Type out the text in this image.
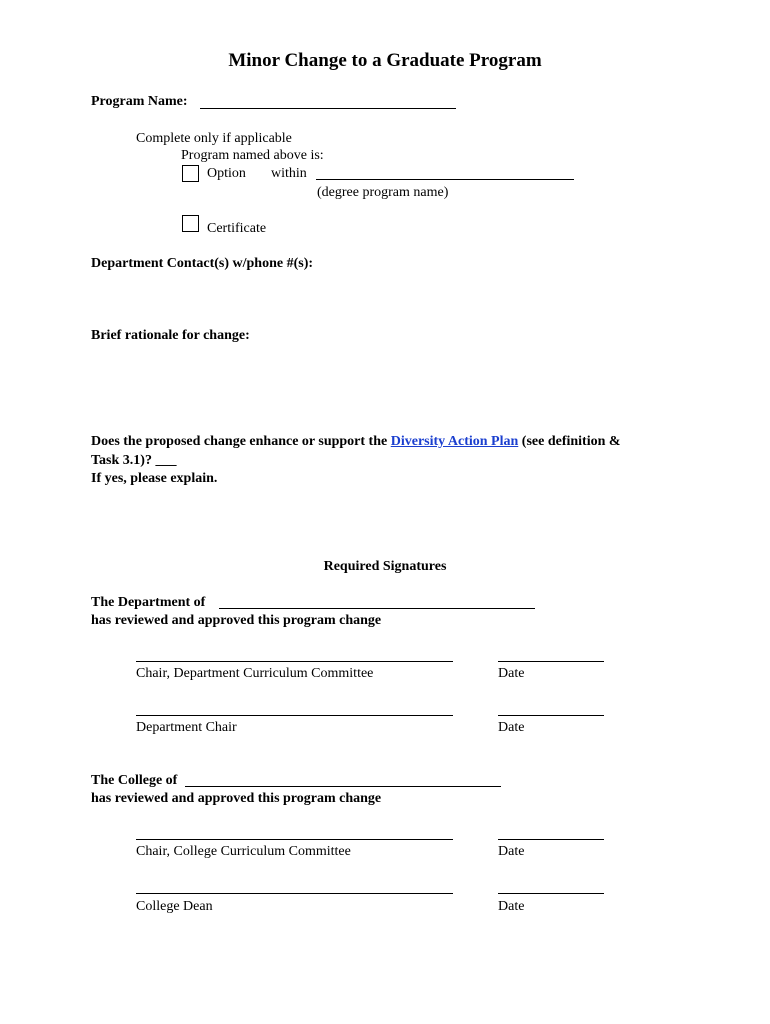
Minor Change to a Graduate Program
Program Name:
Complete only if applicable
Program named above is:
Option within
(degree program name)
Certificate
Department Contact(s) w/phone #(s):
Brief rationale for change:
Does the proposed change enhance or support the Diversity Action Plan (see definition &
Task 3.1)? ___
If yes, please explain.
Required Signatures
The Department of
has reviewed and approved this program change
Chair, Department Curriculum Committee	Date
Department Chair	Date
The College of
has reviewed and approved this program change
Chair, College Curriculum Committee	Date
College Dean	Date
